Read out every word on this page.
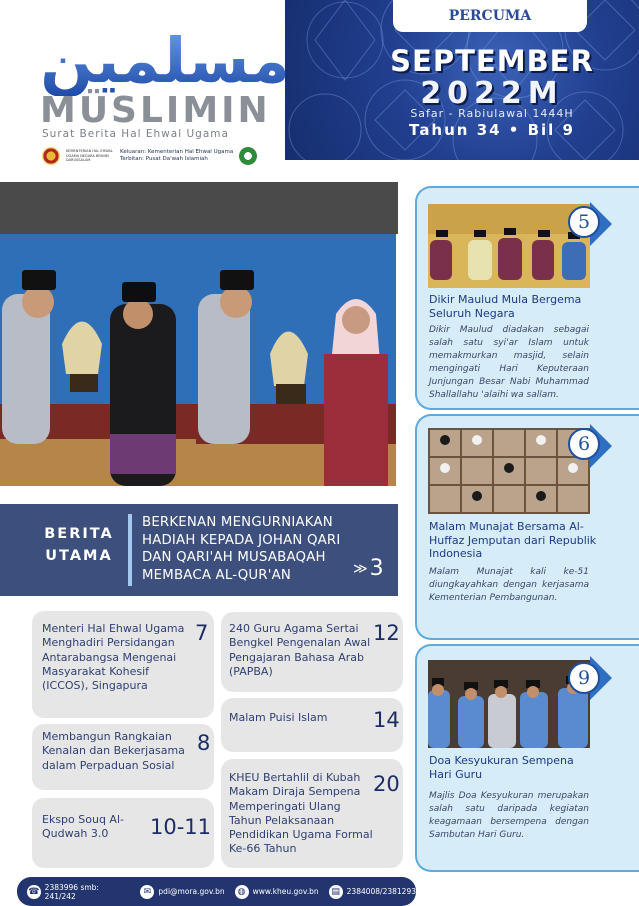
PERCUMA
SEPTEMBER
2022M
Safar - Rabiulawal 1444H
Tahun 34 • Bil 9
مسلمين
MÜSLIMIN
Surat Berita Hal Ehwal Ugama
KEMENTERIAN HAL EHWAL UGAMA NEGARA BRUNEI DARUSSALAM
Keluaran: Kementerian Hal Ehwal Ugama
Terbitan: Pusat Da'wah Islamiah
BERITA
UTAMA
BERKENAN MENGURNIAKAN HADIAH KEPADA JOHAN QARI DAN QARI'AH MUSABAQAH MEMBACA AL-QUR'AN	≫3
Menteri Hal Ehwal Ugama Menghadiri Persidangan Antarabangsa Mengenai Masyarakat Kohesif (ICCOS), Singapura
7
Membangun Rangkaian Kenalan dan Bekerjasama dalam Perpaduan Sosial
8
Ekspo Souq Al-Qudwah 3.0	10-11
240 Guru Agama Sertai Bengkel Pengenalan Awal Pengajaran Bahasa Arab (PAPBA)
12
Malam Puisi Islam 14
KHEU Bertahlil di Kubah Makam Diraja Sempena Memperingati Ulang Tahun Pelaksanaan Pendidikan Ugama Formal Ke-66 Tahun
20
5
Dikir Maulud Mula Bergema Seluruh Negara
Dikir Maulud diadakan sebagai salah satu syi'ar Islam untuk memakmurkan masjid, selain mengingati Hari Keputeraan Junjungan Besar Nabi Muhammad Shallallahu 'alaihi wa sallam.
6
Malam Munajat Bersama Al-Huffaz Jemputan dari Republik Indonesia
Malam Munajat kali ke-51 diungkayahkan dengan kerjasama Kementerian Pembangunan.
9
Doa Kesyukuran Sempena Hari Guru
Majlis Doa Kesyukuran merupakan salah satu daripada kegiatan keagamaan bersempena dengan Sambutan Hari Guru.
☎ 2383996 smb: 241/242	✉ pdi@mora.gov.bn	◍ www.kheu.gov.bn	▤ 2384008/2381293
